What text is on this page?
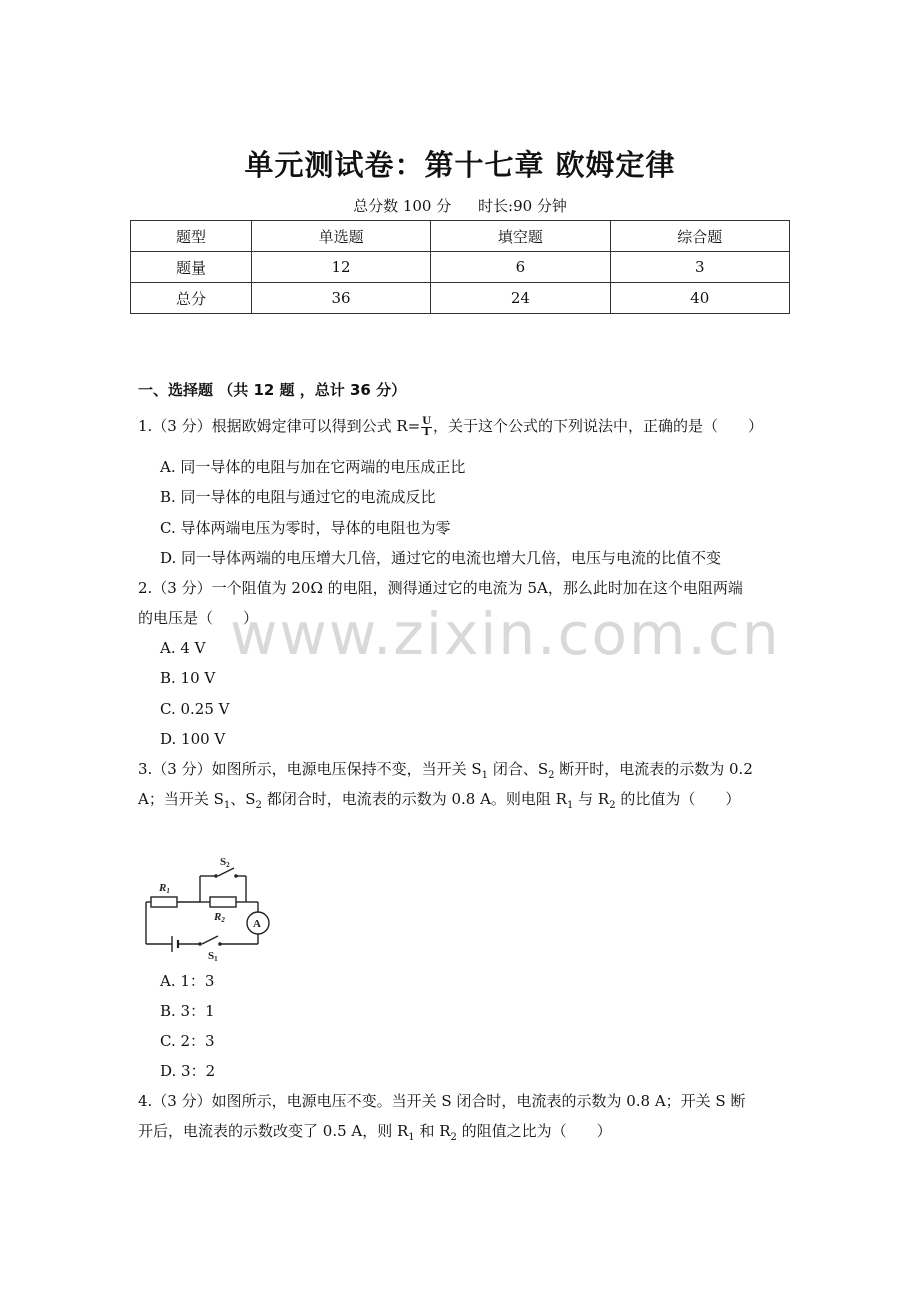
单元测试卷：第十七章 欧姆定律
总分数 100 分 时长:90 分钟
题型	单选题	填空题	综合题
题量	12	6	3
总分	36	24	40
一、选择题 （共 12 题 ，总计 36 分）
1.（3 分）根据欧姆定律可以得到公式 $R= \frac{U}{I}$ ，关于这个公式的下列说法中，正确的是（　　）
A. 同一导体的电阻与加在它两端的电压成正比
B. 同一导体的电阻与通过它的电流成反比
C. 导体两端电压为零时，导体的电阻也为零
D. 同一导体两端的电压增大几倍，通过它的电流也增大几倍，电压与电流的比值不变
2.（3 分）一个阻值为 20Ω 的电阻，测得通过它的电流为 5A，那么此时加在这个电阻两端
的电压是（　　）
A. 4 V
B. 10 V
C. 0.25 V
D. 100 V
3.（3 分）如图所示，电源电压保持不变，当开关 $S_1$ 闭合、$S_2$ 断开时，电流表的示数为 0.2
A；当开关 $S_1$、$S_2$ 都闭合时，电流表的示数为 0.8 A。则电阻 $R_1$ 与 $R_2$ 的比值为（　　）
R1
R2
S2
S1
A
A. 1：3
B. 3：1
C. 2：3
D. 3：2
4.（3 分）如图所示，电源电压不变。当开关 S 闭合时，电流表的示数为 0.8 A；开关 S 断
开后，电流表的示数改变了 0.5 A，则 $R_1$ 和 $R_2$ 的阻值之比为（　　）
www.zixin.com.cn
